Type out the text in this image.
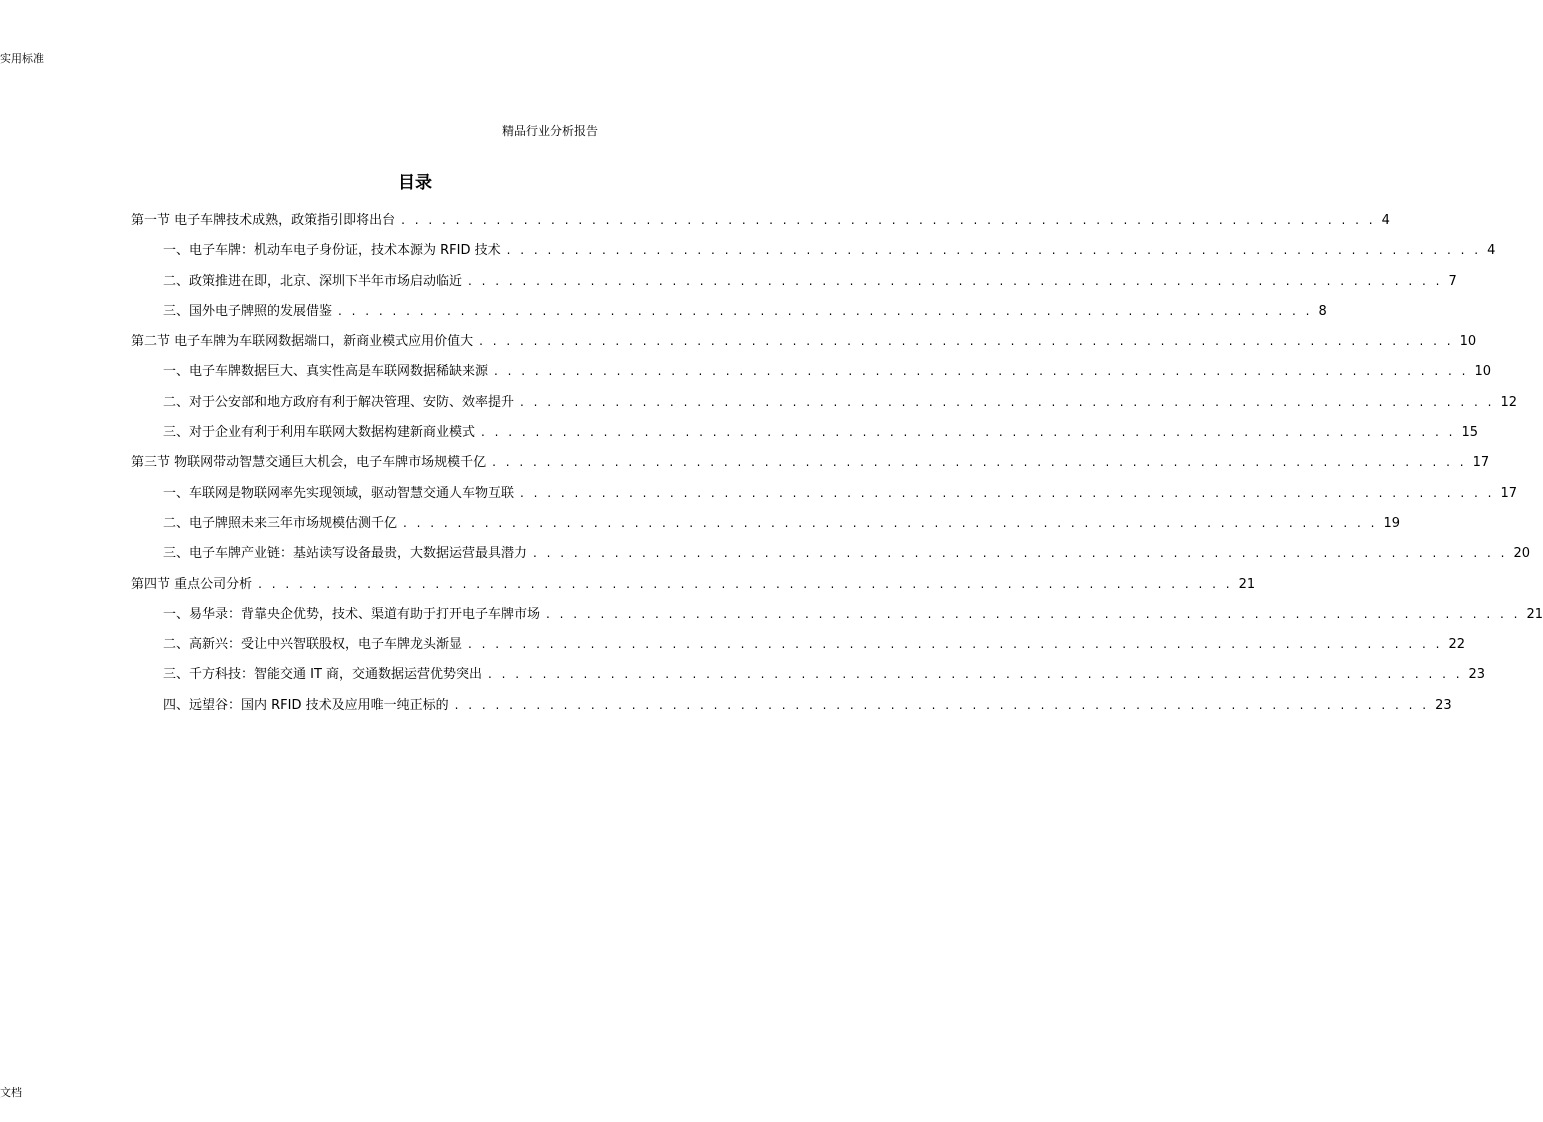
实用标准
精品行业分析报告
目录
第一节 电子车牌技术成熟，政策指引即将出台 . . . . . . . . . . . . . . . . . . . . . . . . . . . . . . . . . . . . . . . . . . . . . . . . . . . . . . . . . . . . . . . . . . . . . . . . 4
一、电子车牌：机动车电子身份证，技术本源为 RFID 技术 . . . . . . . . . . . . . . . . . . . . . . . . . . . . . . . . . . . . . . . . . . . . . . . . . . . . . . . . . . . . . . . . . . . . . . . . 4
二、政策推进在即，北京、深圳下半年市场启动临近 . . . . . . . . . . . . . . . . . . . . . . . . . . . . . . . . . . . . . . . . . . . . . . . . . . . . . . . . . . . . . . . . . . . . . . . . 7
三、国外电子牌照的发展借鉴 . . . . . . . . . . . . . . . . . . . . . . . . . . . . . . . . . . . . . . . . . . . . . . . . . . . . . . . . . . . . . . . . . . . . . . . . 8
第二节 电子车牌为车联网数据端口，新商业模式应用价值大 . . . . . . . . . . . . . . . . . . . . . . . . . . . . . . . . . . . . . . . . . . . . . . . . . . . . . . . . . . . . . . . . . . . . . . . . 10
一、电子车牌数据巨大、真实性高是车联网数据稀缺来源 . . . . . . . . . . . . . . . . . . . . . . . . . . . . . . . . . . . . . . . . . . . . . . . . . . . . . . . . . . . . . . . . . . . . . . . . 10
二、对于公安部和地方政府有利于解决管理、安防、效率提升 . . . . . . . . . . . . . . . . . . . . . . . . . . . . . . . . . . . . . . . . . . . . . . . . . . . . . . . . . . . . . . . . . . . . . . . . 12
三、对于企业有利于利用车联网大数据构建新商业模式 . . . . . . . . . . . . . . . . . . . . . . . . . . . . . . . . . . . . . . . . . . . . . . . . . . . . . . . . . . . . . . . . . . . . . . . . 15
第三节 物联网带动智慧交通巨大机会，电子车牌市场规模千亿 . . . . . . . . . . . . . . . . . . . . . . . . . . . . . . . . . . . . . . . . . . . . . . . . . . . . . . . . . . . . . . . . . . . . . . . . 17
一、车联网是物联网率先实现领域，驱动智慧交通人车物互联 . . . . . . . . . . . . . . . . . . . . . . . . . . . . . . . . . . . . . . . . . . . . . . . . . . . . . . . . . . . . . . . . . . . . . . . . 17
二、电子牌照未来三年市场规模估测千亿 . . . . . . . . . . . . . . . . . . . . . . . . . . . . . . . . . . . . . . . . . . . . . . . . . . . . . . . . . . . . . . . . . . . . . . . . 19
三、电子车牌产业链：基站读写设备最贵，大数据运营最具潜力 . . . . . . . . . . . . . . . . . . . . . . . . . . . . . . . . . . . . . . . . . . . . . . . . . . . . . . . . . . . . . . . . . . . . . . . . 20
第四节 重点公司分析 . . . . . . . . . . . . . . . . . . . . . . . . . . . . . . . . . . . . . . . . . . . . . . . . . . . . . . . . . . . . . . . . . . . . . . . . 21
一、易华录：背靠央企优势，技术、渠道有助于打开电子车牌市场 . . . . . . . . . . . . . . . . . . . . . . . . . . . . . . . . . . . . . . . . . . . . . . . . . . . . . . . . . . . . . . . . . . . . . . . . 21
二、高新兴：受让中兴智联股权，电子车牌龙头渐显 . . . . . . . . . . . . . . . . . . . . . . . . . . . . . . . . . . . . . . . . . . . . . . . . . . . . . . . . . . . . . . . . . . . . . . . . 22
三、千方科技：智能交通 IT 商，交通数据运营优势突出 . . . . . . . . . . . . . . . . . . . . . . . . . . . . . . . . . . . . . . . . . . . . . . . . . . . . . . . . . . . . . . . . . . . . . . . . 23
四、远望谷：国内 RFID 技术及应用唯一纯正标的 . . . . . . . . . . . . . . . . . . . . . . . . . . . . . . . . . . . . . . . . . . . . . . . . . . . . . . . . . . . . . . . . . . . . . . . . 23
文档
